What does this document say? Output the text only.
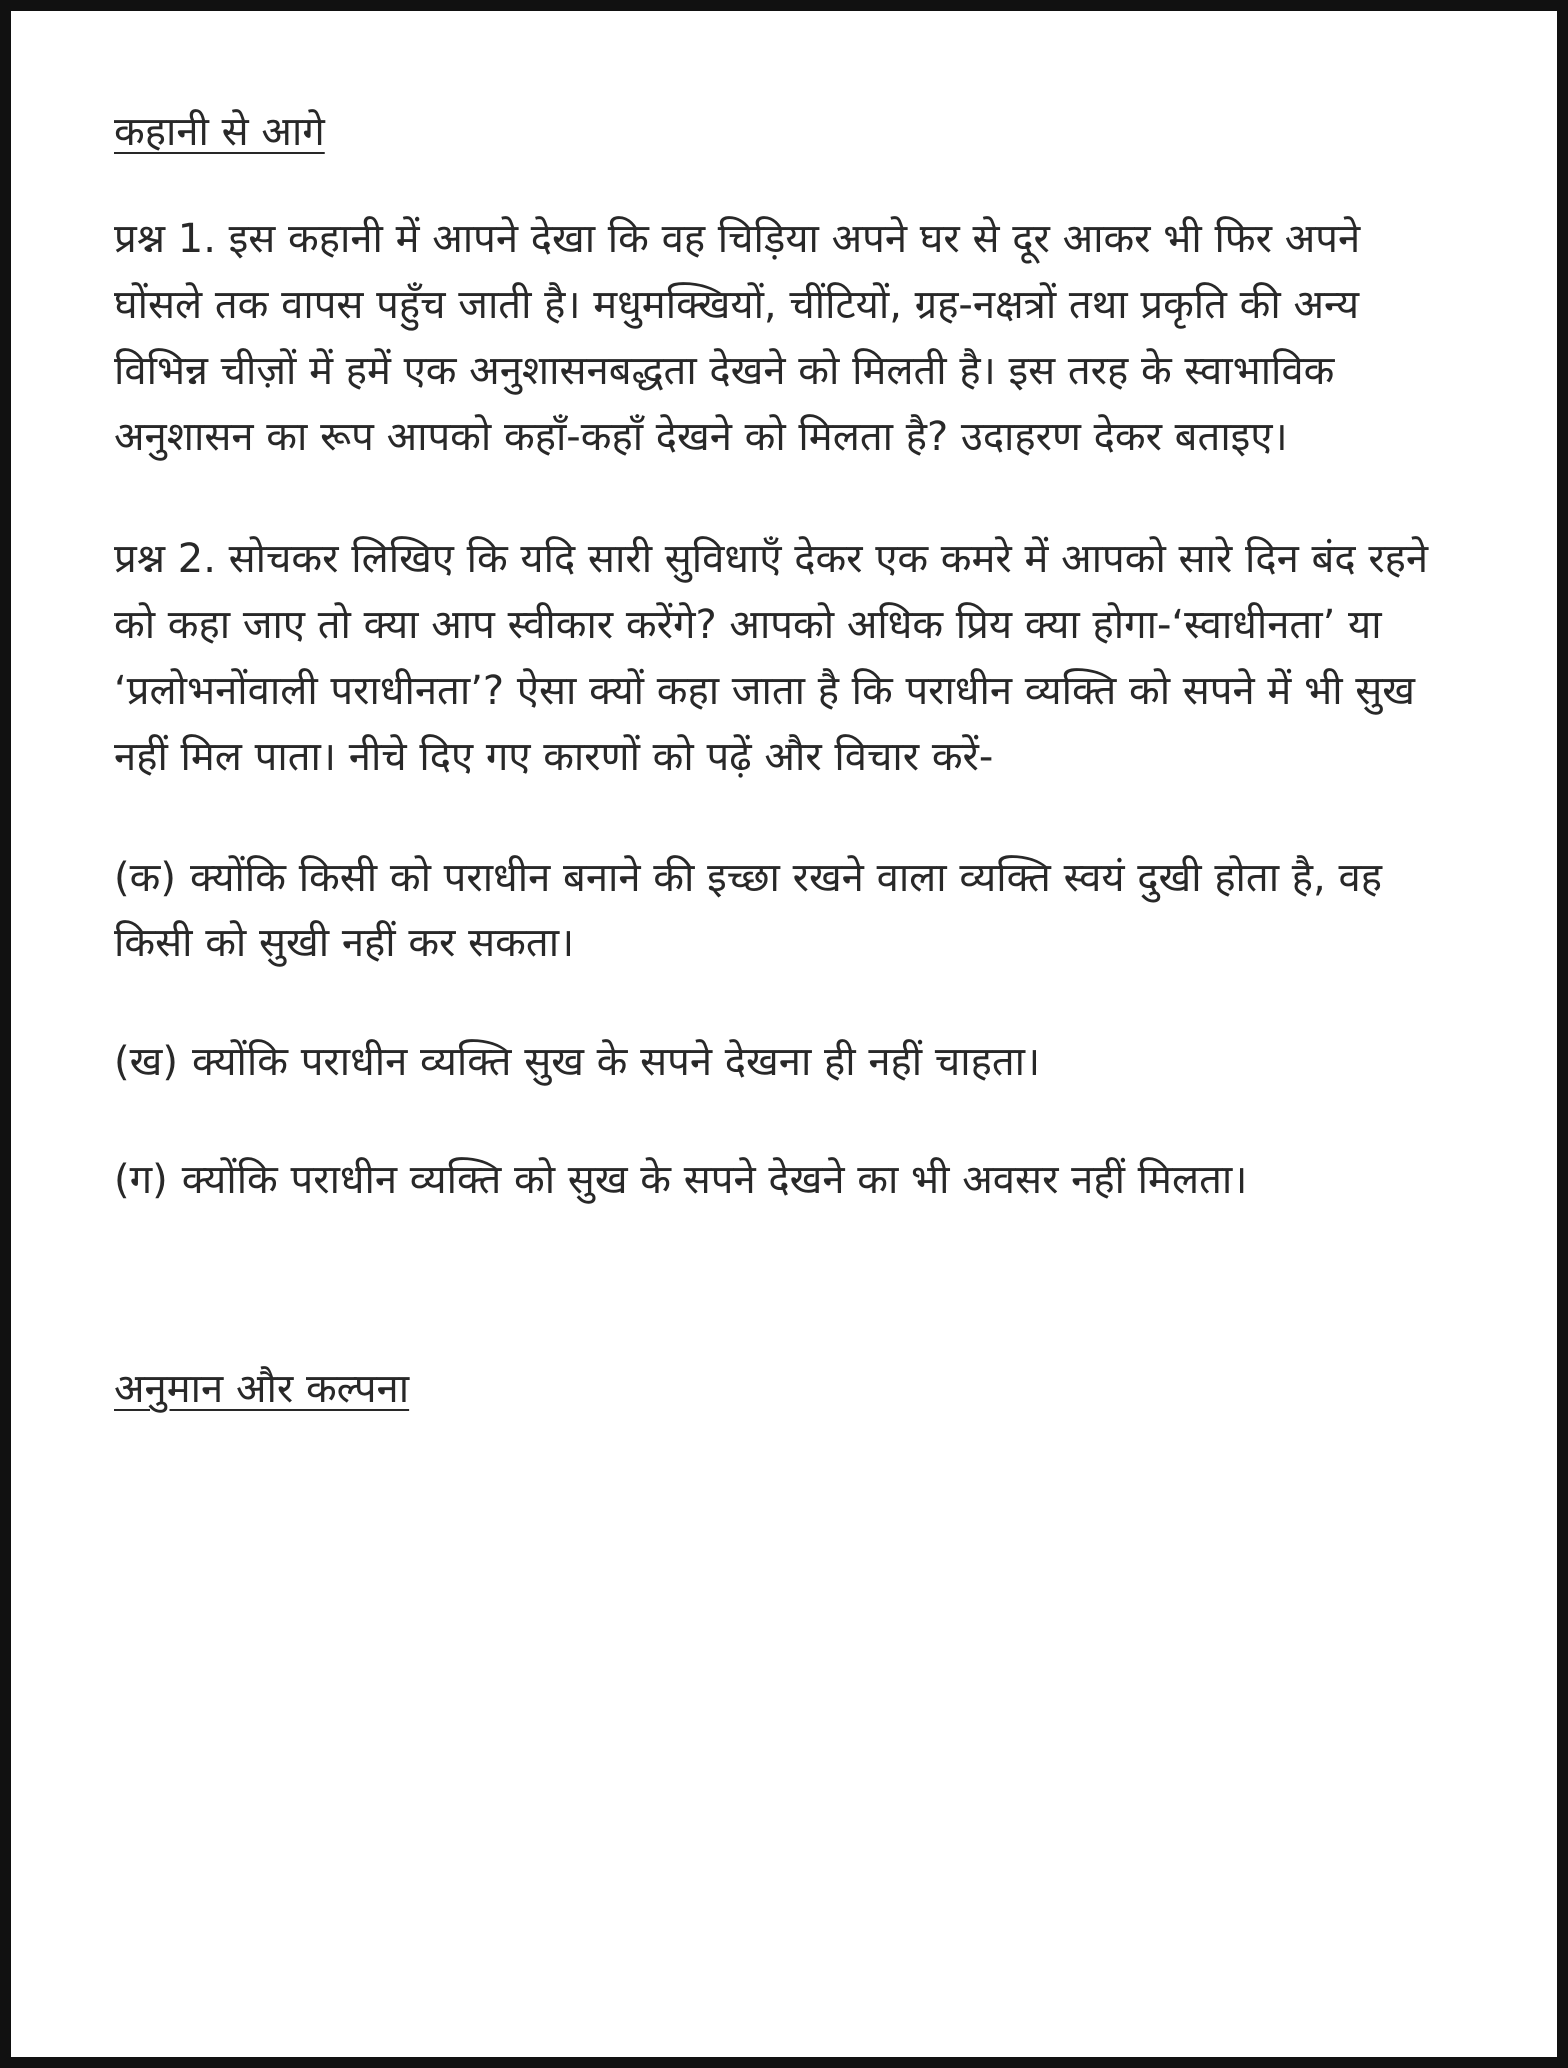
कहानी से आगे

प्रश्न 1. इस कहानी में आपने देखा कि वह चिड़िया अपने घर से दूर आकर भी फिर अपने घोंसले तक वापस पहुँच जाती है। मधुमक्खियों, चींटियों, ग्रह-नक्षत्रों तथा प्रकृति की अन्य विभिन्न चीज़ों में हमें एक अनुशासनबद्धता देखने को मिलती है। इस तरह के स्वाभाविक अनुशासन का रूप आपको कहाँ-कहाँ देखने को मिलता है? उदाहरण देकर बताइए।

प्रश्न 2. सोचकर लिखिए कि यदि सारी सुविधाएँ देकर एक कमरे में आपको सारे दिन बंद रहने को कहा जाए तो क्या आप स्वीकार करेंगे? आपको अधिक प्रिय क्या होगा-‘स्वाधीनता’ या ‘प्रलोभनोंवाली पराधीनता’? ऐसा क्यों कहा जाता है कि पराधीन व्यक्ति को सपने में भी सुख नहीं मिल पाता। नीचे दिए गए कारणों को पढ़ें और विचार करें-

(क) क्योंकि किसी को पराधीन बनाने की इच्छा रखने वाला व्यक्ति स्वयं दुखी होता है, वह किसी को सुखी नहीं कर सकता।

(ख) क्योंकि पराधीन व्यक्ति सुख के सपने देखना ही नहीं चाहता।

(ग) क्योंकि पराधीन व्यक्ति को सुख के सपने देखने का भी अवसर नहीं मिलता।

अनुमान और कल्पना
